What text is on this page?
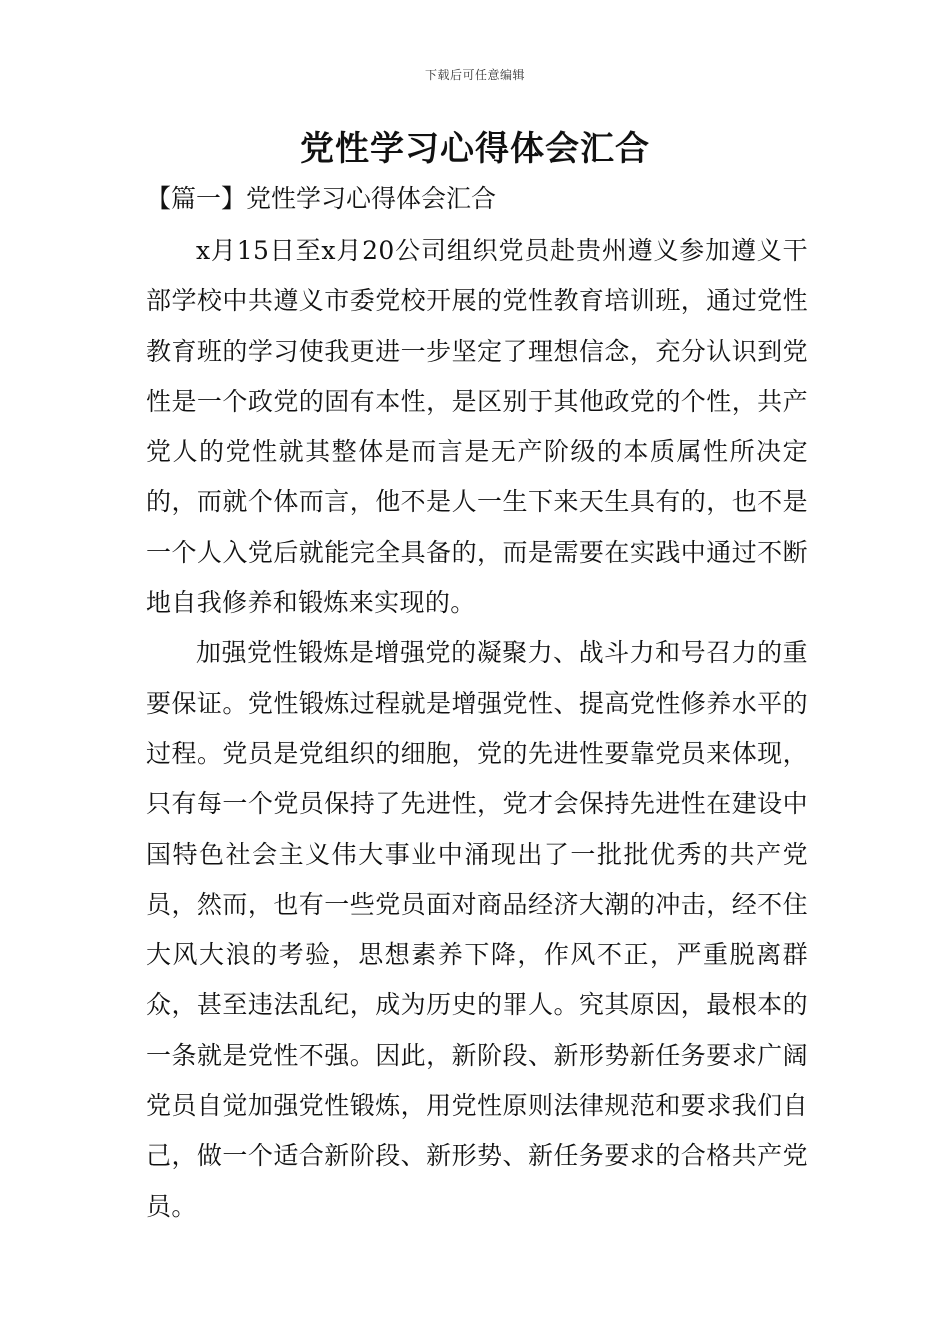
下载后可任意编辑
党性学习心得体会汇合
【篇一】党性学习心得体会汇合

x月15日至x月20公司组织党员赴贵州遵义参加遵义干部学校中共遵义市委党校开展的党性教育培训班，通过党性教育班的学习使我更进一步坚定了理想信念，充分认识到党性是一个政党的固有本性，是区别于其他政党的个性，共产党人的党性就其整体是而言是无产阶级的本质属性所决定的，而就个体而言，他不是人一生下来天生具有的，也不是一个人入党后就能完全具备的，而是需要在实践中通过不断地自我修养和锻炼来实现的。

加强党性锻炼是增强党的凝聚力、战斗力和号召力的重要保证。党性锻炼过程就是增强党性、提高党性修养水平的过程。党员是党组织的细胞，党的先进性要靠党员来体现，只有每一个党员保持了先进性，党才会保持先进性在建设中国特色社会主义伟大事业中涌现出了一批批优秀的共产党员，然而，也有一些党员面对商品经济大潮的冲击，经不住大风大浪的考验，思想素养下降，作风不正，严重脱离群众，甚至违法乱纪，成为历史的罪人。究其原因，最根本的一条就是党性不强。因此，新阶段、新形势新任务要求广阔党员自觉加强党性锻炼，用党性原则法律规范和要求我们自己，做一个适合新阶段、新形势、新任务要求的合格共产党员。
